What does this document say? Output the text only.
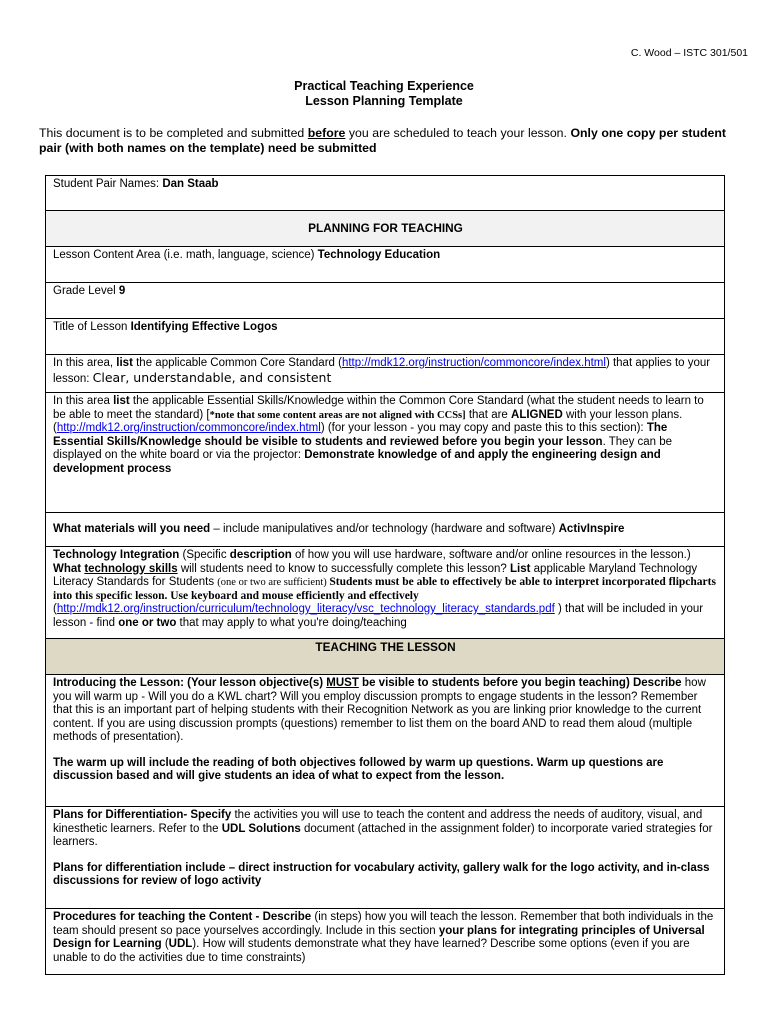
C. Wood – ISTC 301/501
Practical Teaching Experience
Lesson Planning Template
This document is to be completed and submitted before you are scheduled to teach your lesson. Only one copy per student pair (with both names on the template) need be submitted
Student Pair Names: Dan Staab
PLANNING FOR TEACHING
Lesson Content Area (i.e. math, language, science) Technology Education
Grade Level 9
Title of Lesson Identifying Effective Logos
In this area, list the applicable Common Core Standard (http://mdk12.org/instruction/commoncore/index.html) that applies to your lesson: Clear, understandable, and consistent
In this area list the applicable Essential Skills/Knowledge within the Common Core Standard (what the student needs to learn to be able to meet the standard) [*note that some content areas are not aligned with CCSs] that are ALIGNED with your lesson plans. (http://mdk12.org/instruction/commoncore/index.html) (for your lesson - you may copy and paste this to this section): The Essential Skills/Knowledge should be visible to students and reviewed before you begin your lesson. They can be displayed on the white board or via the projector: Demonstrate knowledge of and apply the engineering design and development process
What materials will you need – include manipulatives and/or technology (hardware and software) ActivInspire
Technology Integration (Specific description of how you will use hardware, software and/or online resources in the lesson.) What technology skills will students need to know to successfully complete this lesson? List applicable Maryland Technology Literacy Standards for Students (one or two are sufficient) Students must be able to effectively be able to interpret incorporated flipcharts into this specific lesson. Use keyboard and mouse efficiently and effectively (http://mdk12.org/instruction/curriculum/technology_literacy/vsc_technology_literacy_standards.pdf ) that will be included in your lesson - find one or two that may apply to what you're doing/teaching
TEACHING THE LESSON
Introducing the Lesson: (Your lesson objective(s) MUST be visible to students before you begin teaching) Describe how you will warm up - Will you do a KWL chart? Will you employ discussion prompts to engage students in the lesson? Remember that this is an important part of helping students with their Recognition Network as you are linking prior knowledge to the current content. If you are using discussion prompts (questions) remember to list them on the board AND to read them aloud (multiple methods of presentation).

The warm up will include the reading of both objectives followed by warm up questions. Warm up questions are discussion based and will give students an idea of what to expect from the lesson.

Plans for Differentiation- Specify the activities you will use to teach the content and address the needs of auditory, visual, and kinesthetic learners. Refer to the UDL Solutions document (attached in the assignment folder) to incorporate varied strategies for learners.

Plans for differentiation include – direct instruction for vocabulary activity, gallery walk for the logo activity, and in-class discussions for review of logo activity

Procedures for teaching the Content - Describe (in steps) how you will teach the lesson. Remember that both individuals in the team should present so pace yourselves accordingly. Include in this section your plans for integrating principles of Universal Design for Learning (UDL). How will students demonstrate what they have learned? Describe some options (even if you are unable to do the activities due to time constraints)
